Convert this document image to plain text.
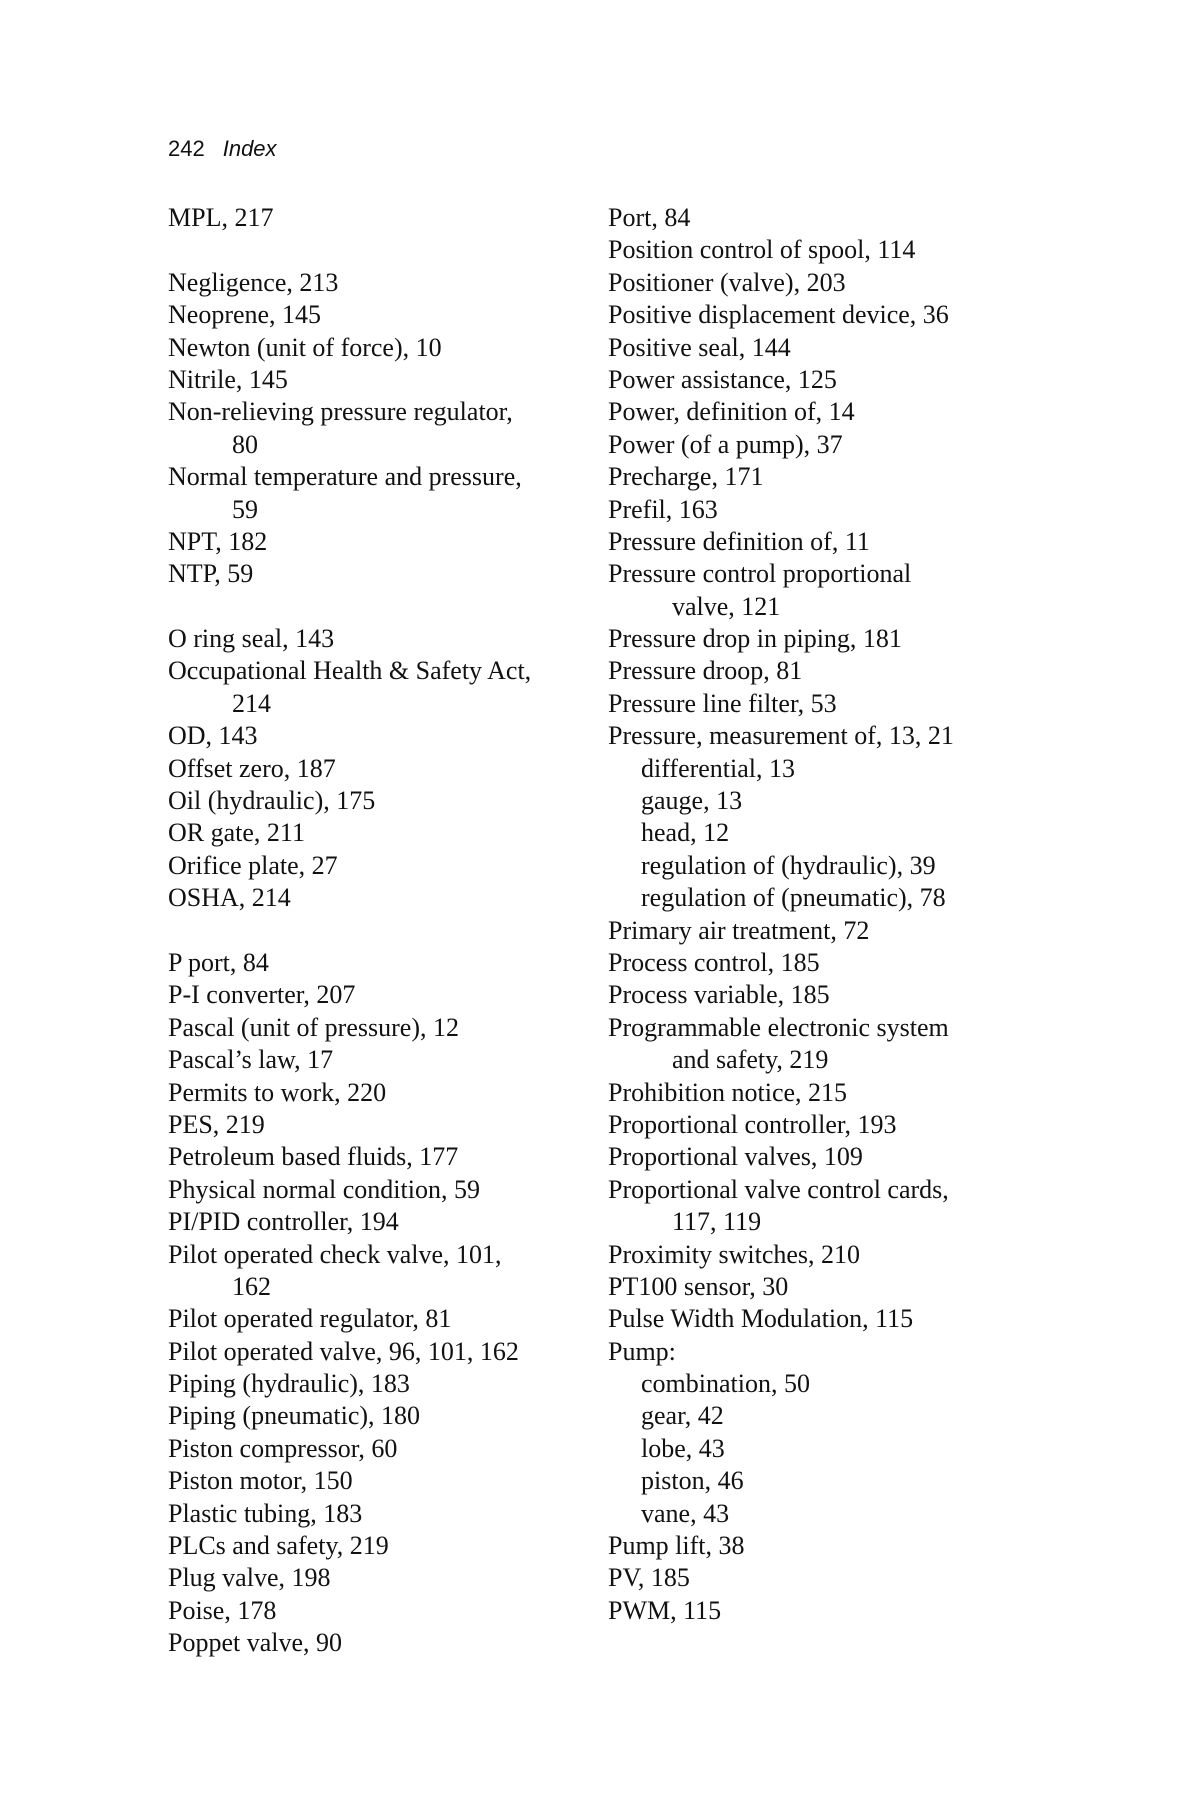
242 Index
MPL, 217
Negligence, 213
Neoprene, 145
Newton (unit of force), 10
Nitrile, 145
Non-relieving pressure regulator,
80
Normal temperature and pressure,
59
NPT, 182
NTP, 59
O ring seal, 143
Occupational Health & Safety Act,
214
OD, 143
Offset zero, 187
Oil (hydraulic), 175
OR gate, 211
Orifice plate, 27
OSHA, 214
P port, 84
P-I converter, 207
Pascal (unit of pressure), 12
Pascal’s law, 17
Permits to work, 220
PES, 219
Petroleum based fluids, 177
Physical normal condition, 59
PI/PID controller, 194
Pilot operated check valve, 101,
162
Pilot operated regulator, 81
Pilot operated valve, 96, 101, 162
Piping (hydraulic), 183
Piping (pneumatic), 180
Piston compressor, 60
Piston motor, 150
Plastic tubing, 183
PLCs and safety, 219
Plug valve, 198
Poise, 178
Poppet valve, 90
Port, 84
Position control of spool, 114
Positioner (valve), 203
Positive displacement device, 36
Positive seal, 144
Power assistance, 125
Power, definition of, 14
Power (of a pump), 37
Precharge, 171
Prefil, 163
Pressure definition of, 11
Pressure control proportional
valve, 121
Pressure drop in piping, 181
Pressure droop, 81
Pressure line filter, 53
Pressure, measurement of, 13, 21
differential, 13
gauge, 13
head, 12
regulation of (hydraulic), 39
regulation of (pneumatic), 78
Primary air treatment, 72
Process control, 185
Process variable, 185
Programmable electronic system
and safety, 219
Prohibition notice, 215
Proportional controller, 193
Proportional valves, 109
Proportional valve control cards,
117, 119
Proximity switches, 210
PT100 sensor, 30
Pulse Width Modulation, 115
Pump:
combination, 50
gear, 42
lobe, 43
piston, 46
vane, 43
Pump lift, 38
PV, 185
PWM, 115
